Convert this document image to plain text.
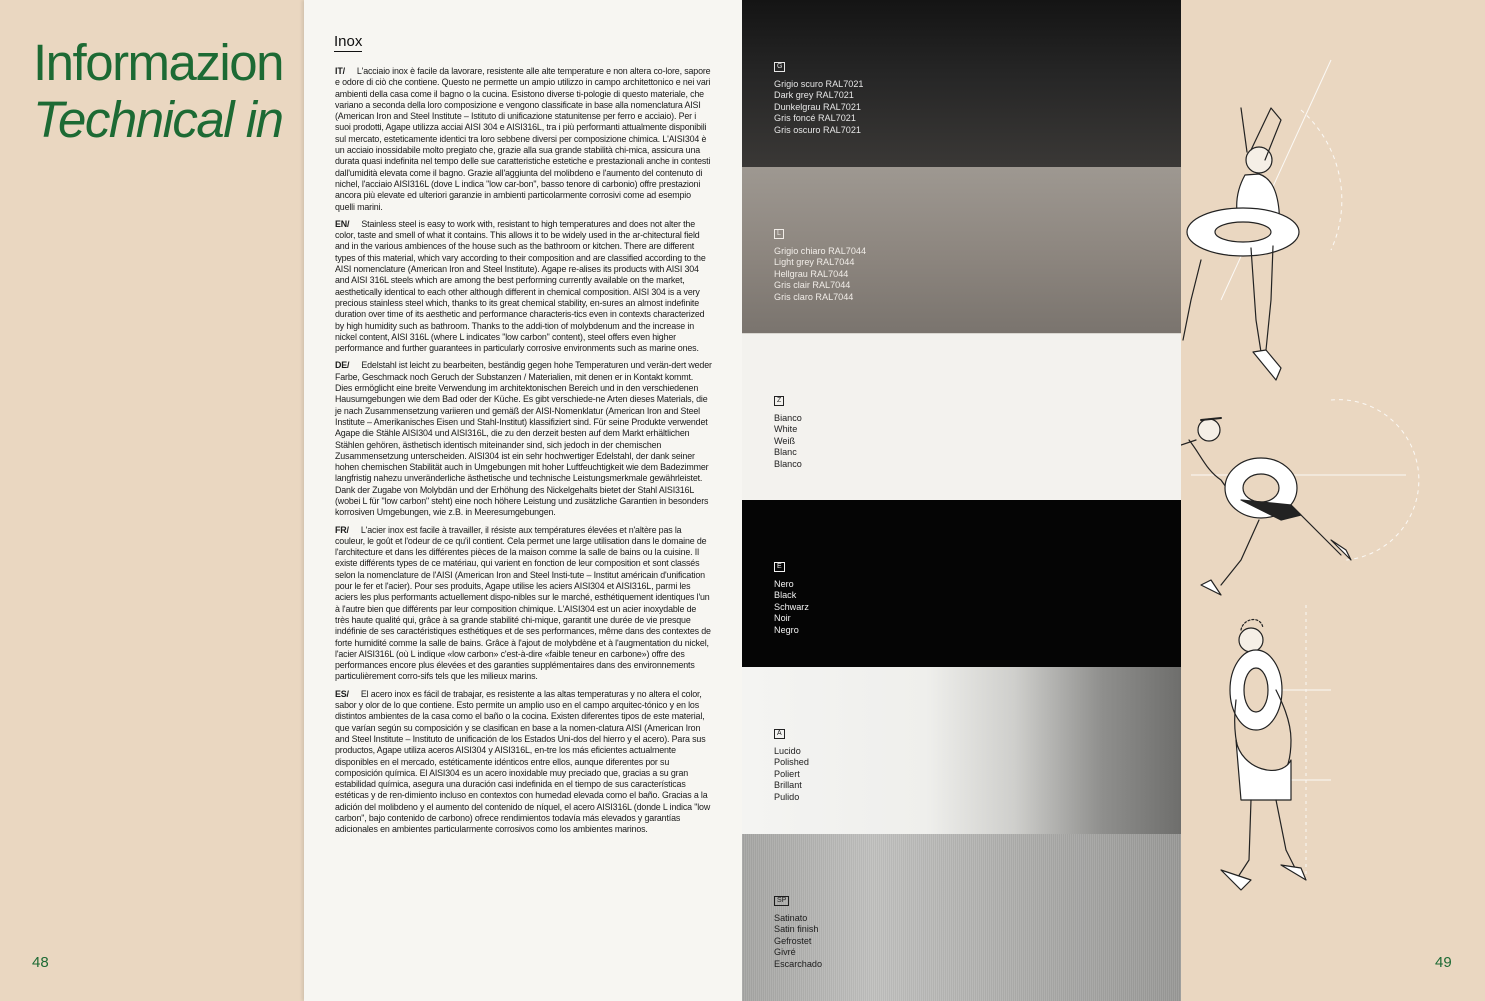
Informazion
Technical in
48	49
Inox

IT/ L'acciaio inox è facile da lavorare, resistente alle alte temperature e non altera co-lore, sapore e odore di ciò che contiene. Questo ne permette un ampio utilizzo in campo architettonico e nei vari ambienti della casa come il bagno o la cucina. Esistono diverse ti-pologie di questo materiale, che variano a seconda della loro composizione e vengono classificate in base alla nomenclatura AISI (American Iron and Steel Institute – Istituto di unificazione statunitense per ferro e acciaio). Per i suoi prodotti, Agape utilizza acciai AISI 304 e AISI316L, tra i più performanti attualmente disponibili sul mercato, esteticamente identici tra loro sebbene diversi per composizione chimica. L'AISI304 è un acciaio inossidabile molto pregiato che, grazie alla sua grande stabilità chi-mica, assicura una durata quasi indefinita nel tempo delle sue caratteristiche estetiche e prestazionali anche in contesti dall'umidità elevata come il bagno. Grazie all'aggiunta del molibdeno e l'aumento del contenuto di nichel, l'acciaio AISI316L (dove L indica "low car-bon", basso tenore di carbonio) offre prestazioni ancora più elevate ed ulteriori garanzie in ambienti particolarmente corrosivi come ad esempio quelli marini.

EN/ Stainless steel is easy to work with, resistant to high temperatures and does not alter the color, taste and smell of what it contains. This allows it to be widely used in the ar-chitectural field and in the various ambiences of the house such as the bathroom or kitchen. There are different types of this material, which vary according to their composition and are classified according to the AISI nomenclature (American Iron and Steel Institute). Agape re-alises its products with AISI 304 and AISI 316L steels which are among the best performing currently available on the market, aesthetically identical to each other although different in chemical composition. AISI 304 is a very precious stainless steel which, thanks to its great chemical stability, en-sures an almost indefinite duration over time of its aesthetic and performance characteris-tics even in contexts characterized by high humidity such as bathroom. Thanks to the addi-tion of molybdenum and the increase in nickel content, AISI 316L (where L indicates "low carbon" content), steel offers even higher performance and further guarantees in particularly corrosive environments such as marine ones.

DE/ Edelstahl ist leicht zu bearbeiten, beständig gegen hohe Temperaturen und verän-dert weder Farbe, Geschmack noch Geruch der Substanzen / Materialien, mit denen er in Kontakt kommt. Dies ermöglicht eine breite Verwendung im architektonischen Bereich und in den verschiedenen Hausumgebungen wie dem Bad oder der Küche. Es gibt verschiede-ne Arten dieses Materials, die je nach Zusammensetzung variieren und gemäß der AISI-Nomenklatur (American Iron and Steel Institute – Amerikanisches Eisen und Stahl-Institut) klassifiziert sind. Für seine Produkte verwendet Agape die Stähle AISI304 und AISI316L, die zu den derzeit besten auf dem Markt erhältlichen Stählen gehören, ästhetisch identisch miteinander sind, sich jedoch in der chemischen Zusammensetzung unterscheiden. AISI304 ist ein sehr hochwertiger Edelstahl, der dank seiner hohen chemischen Stabilität auch in Umgebungen mit hoher Luftfeuchtigkeit wie dem Badezimmer langfristig nahezu unveränderliche ästhetische und technische Leistungsmerkmale gewährleistet. Dank der Zugabe von Molybdän und der Erhöhung des Nickelgehalts bietet der Stahl AISI316L (wobei L für "low carbon" steht) eine noch höhere Leistung und zusätzliche Garantien in besonders korrosiven Umgebungen, wie z.B. in Meeresumgebungen.

FR/ L'acier inox est facile à travailler, il résiste aux températures élevées et n'altère pas la couleur, le goût et l'odeur de ce qu'il contient. Cela permet une large utilisation dans le domaine de l'architecture et dans les différentes pièces de la maison comme la salle de bains ou la cuisine. Il existe différents types de ce matériau, qui varient en fonction de leur composition et sont classés selon la nomenclature de l'AISI (American Iron and Steel Insti-tute – Institut américain d'unification pour le fer et l'acier). Pour ses produits, Agape utilise les aciers AISI304 et AISI316L, parmi les aciers les plus performants actuellement dispo-nibles sur le marché, esthétiquement identiques l'un à l'autre bien que différents par leur composition chimique. L'AISI304 est un acier inoxydable de très haute qualité qui, grâce à sa grande stabilité chi-mique, garantit une durée de vie presque indéfinie de ses caractéristiques esthétiques et de ses performances, même dans des contextes de forte humidité comme la salle de bains. Grâce à l'ajout de molybdène et à l'augmentation du nickel, l'acier AISI316L (où L indique «low carbon» c'est-à-dire «faible teneur en carbone») offre des performances encore plus élevées et des garanties supplémentaires dans des environnements particulièrement corro-sifs tels que les milieux marins.

ES/ El acero inox es fácil de trabajar, es resistente a las altas temperaturas y no altera el color, sabor y olor de lo que contiene. Esto permite un amplio uso en el campo arquitec-tónico y en los distintos ambientes de la casa como el baño o la cocina. Existen diferentes tipos de este material, que varían según su composición y se clasifican en base a la nomen-clatura AISI (American Iron and Steel Institute – Instituto de unificación de los Estados Uni-dos del hierro y el acero). Para sus productos, Agape utiliza aceros AISI304 y AISI316L, en-tre los más eficientes actualmente disponibles en el mercado, estéticamente idénticos entre ellos, aunque diferentes por su composición química. El AISI304 es un acero inoxidable muy preciado que, gracias a su gran estabilidad química, asegura una duración casi indefinida en el tiempo de sus características estéticas y de ren-dimiento incluso en contextos con humedad elevada como el baño. Gracias a la adición del molibdeno y el aumento del contenido de níquel, el acero AISI316L (donde L indica "low carbon", bajo contenido de carbono) ofrece rendimientos todavía más elevados y garantías adicionales en ambientes particularmente corrosivos como los ambientes marinos.

G
Grigio scuro RAL7021
Dark grey RAL7021
Dunkelgrau RAL7021
Gris foncé RAL7021
Gris oscuro RAL7021
L
Grigio chiaro RAL7044
Light grey RAL7044
Hellgrau RAL7044
Gris clair RAL7044
Gris claro RAL7044
Z
Bianco
White
Weiß
Blanc
Blanco
E
Nero
Black
Schwarz
Noir
Negro
A
Lucido
Polished
Poliert
Brillant
Pulido
SP
Satinato
Satin finish
Gefrostet
Givré
Escarchado
